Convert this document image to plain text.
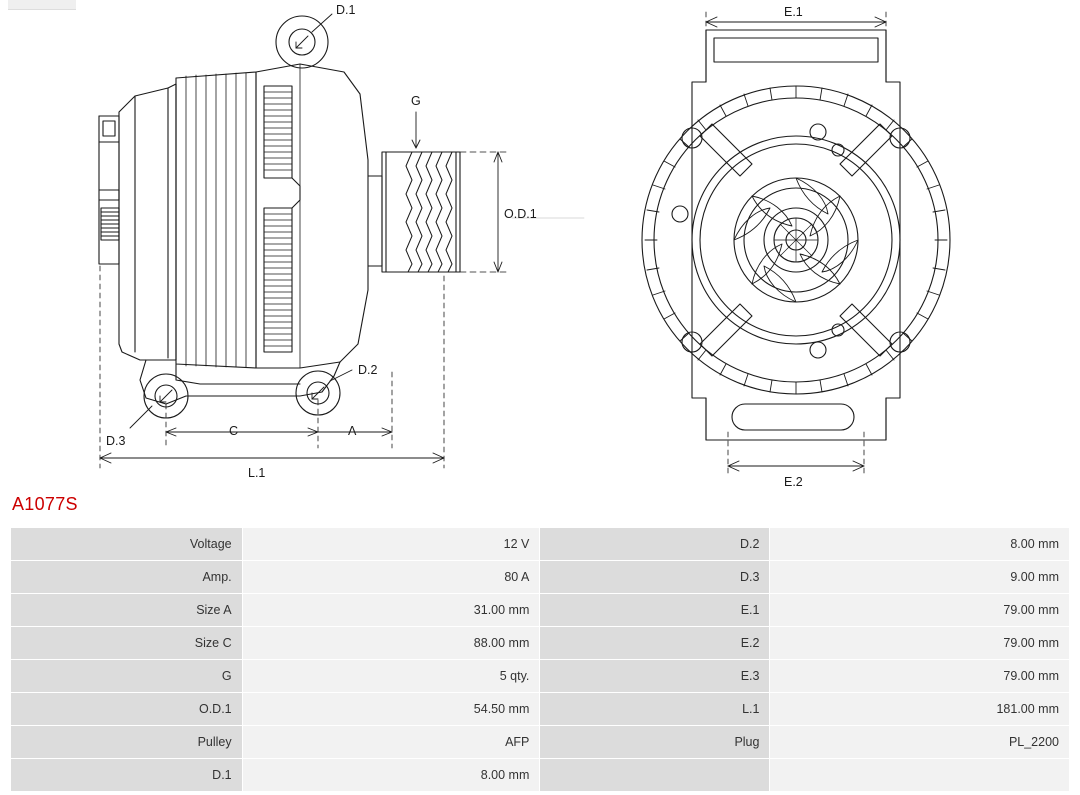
D.1
D.2
D.3
G
O.D.1
A
C
L.1
E.1
E.2
A1077S
Voltage	12 V	D.2	8.00 mm
Amp.	80 A	D.3	9.00 mm
Size A	31.00 mm	E.1	79.00 mm
Size C	88.00 mm	E.2	79.00 mm
G	5 qty.	E.3	79.00 mm
O.D.1	54.50 mm	L.1	181.00 mm
Pulley	AFP	Plug	PL_2200
D.1	8.00 mm		
